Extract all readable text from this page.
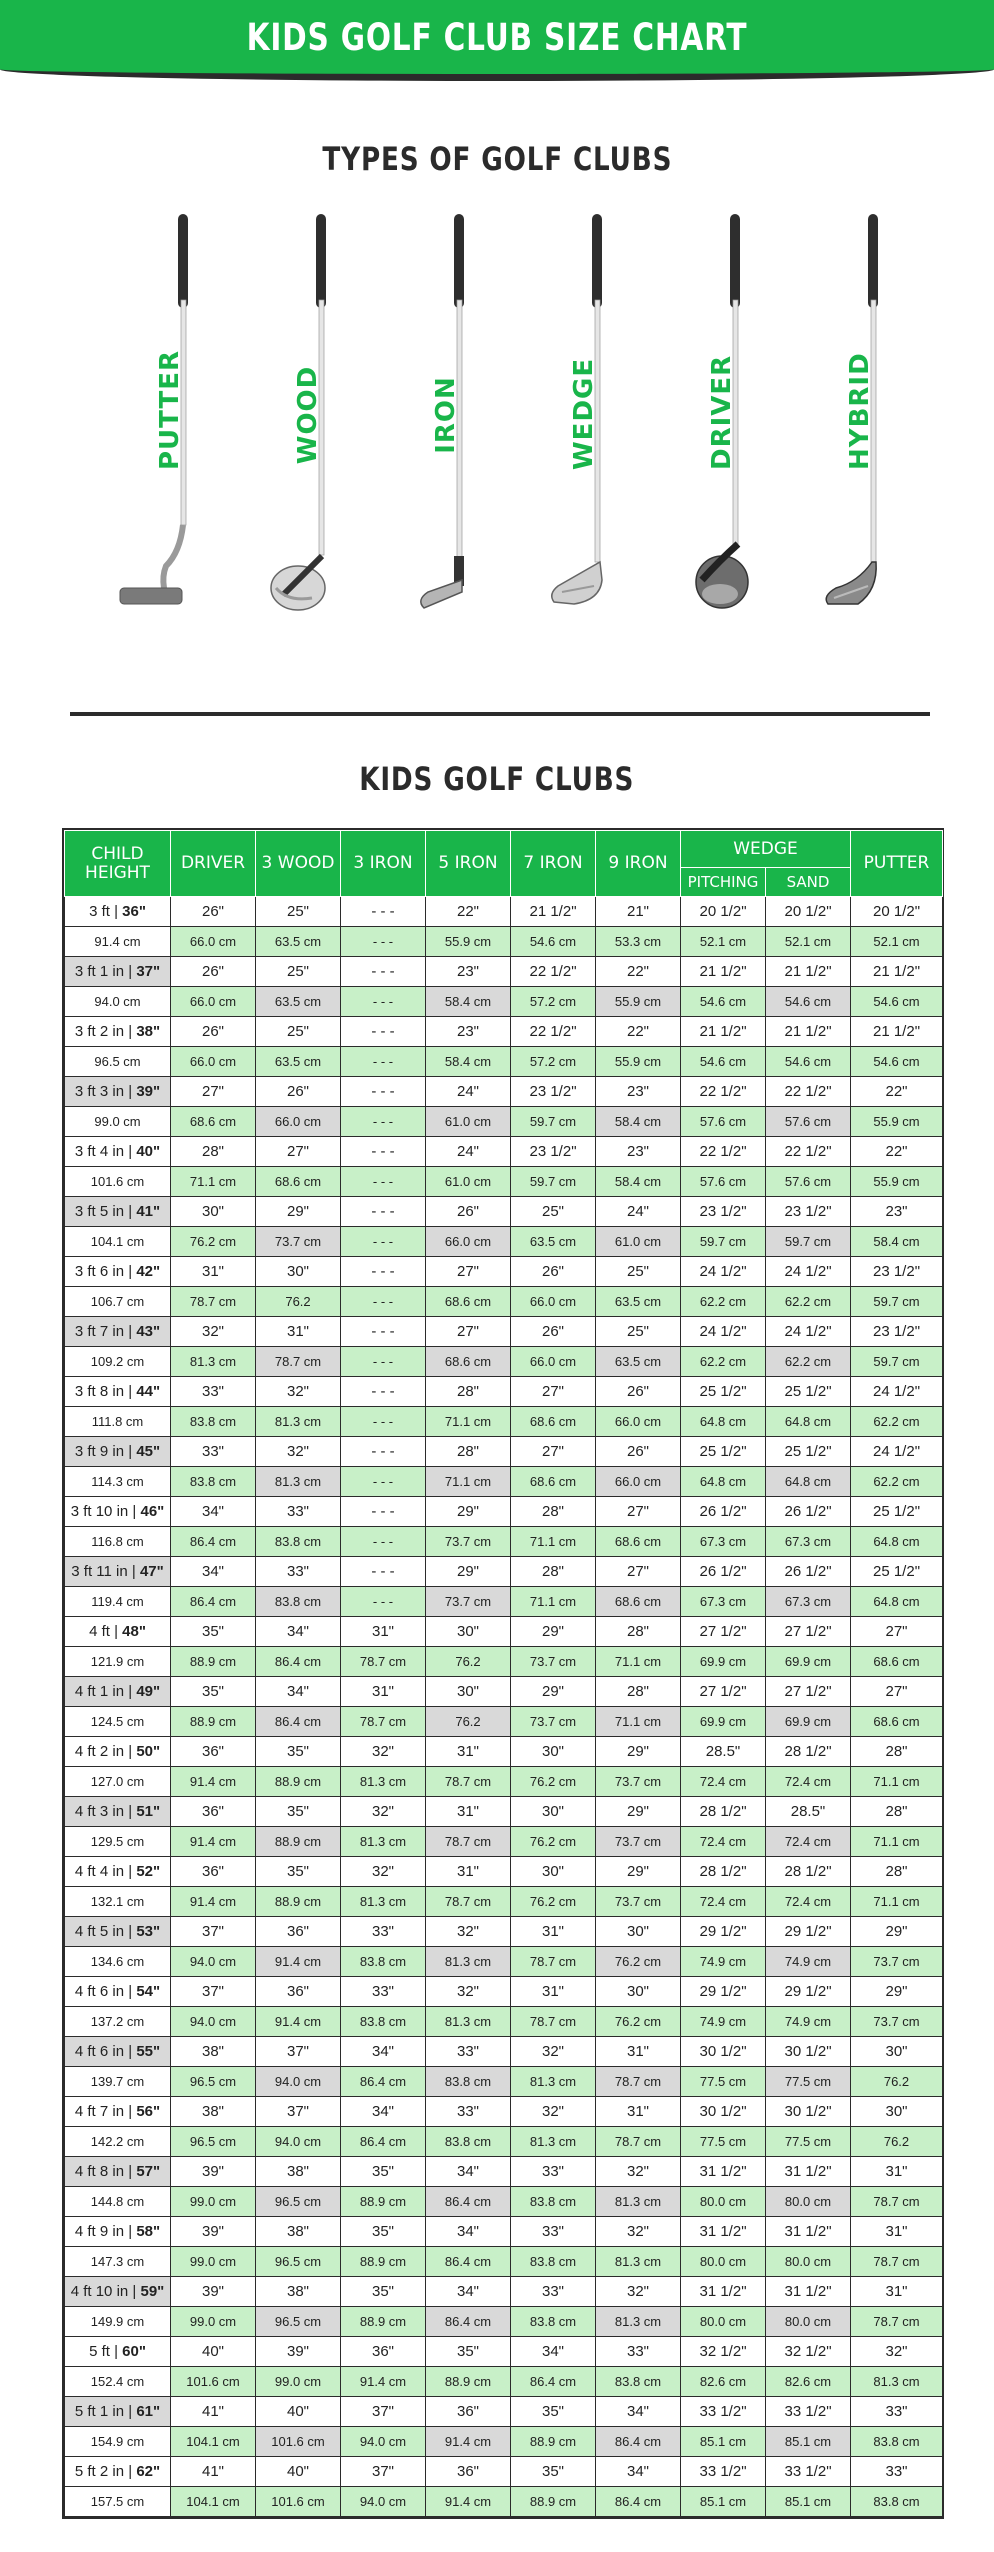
KIDS GOLF CLUB SIZE CHART
TYPES OF GOLF CLUBS
PUTTER	WOOD	IRON	WEDGE	DRIVER	HYBRID
KIDS GOLF CLUBS
CHILD HEIGHT	DRIVER	3 WOOD	3 IRON	5 IRON	7 IRON	9 IRON	WEDGE		PUTTER
							PITCHING	SAND	
3 ft | 36"	26"	25"	- - -	22"	21 1/2"	21"	20 1/2"	20 1/2"	20 1/2"
91.4 cm	66.0 cm	63.5 cm	- - -	55.9 cm	54.6 cm	53.3 cm	52.1 cm	52.1 cm	52.1 cm
3 ft 1 in | 37"	26"	25"	- - -	23"	22 1/2"	22"	21 1/2"	21 1/2"	21 1/2"
94.0 cm	66.0 cm	63.5 cm	- - -	58.4 cm	57.2 cm	55.9 cm	54.6 cm	54.6 cm	54.6 cm
3 ft 2 in | 38"	26"	25"	- - -	23"	22 1/2"	22"	21 1/2"	21 1/2"	21 1/2"
96.5 cm	66.0 cm	63.5 cm	- - -	58.4 cm	57.2 cm	55.9 cm	54.6 cm	54.6 cm	54.6 cm
3 ft 3 in | 39"	27"	26"	- - -	24"	23 1/2"	23"	22 1/2"	22 1/2"	22"
99.0 cm	68.6 cm	66.0 cm	- - -	61.0 cm	59.7 cm	58.4 cm	57.6 cm	57.6 cm	55.9 cm
3 ft 4 in | 40"	28"	27"	- - -	24"	23 1/2"	23"	22 1/2"	22 1/2"	22"
101.6 cm	71.1 cm	68.6 cm	- - -	61.0 cm	59.7 cm	58.4 cm	57.6 cm	57.6 cm	55.9 cm
3 ft 5 in | 41"	30"	29"	- - -	26"	25"	24"	23 1/2"	23 1/2"	23"
104.1 cm	76.2 cm	73.7 cm	- - -	66.0 cm	63.5 cm	61.0 cm	59.7 cm	59.7 cm	58.4 cm
3 ft 6 in | 42"	31"	30"	- - -	27"	26"	25"	24 1/2"	24 1/2"	23 1/2"
106.7 cm	78.7 cm	76.2	- - -	68.6 cm	66.0 cm	63.5 cm	62.2 cm	62.2 cm	59.7 cm
3 ft 7 in | 43"	32"	31"	- - -	27"	26"	25"	24 1/2"	24 1/2"	23 1/2"
109.2 cm	81.3 cm	78.7 cm	- - -	68.6 cm	66.0 cm	63.5 cm	62.2 cm	62.2 cm	59.7 cm
3 ft 8 in | 44"	33"	32"	- - -	28"	27"	26"	25 1/2"	25 1/2"	24 1/2"
111.8 cm	83.8 cm	81.3 cm	- - -	71.1 cm	68.6 cm	66.0 cm	64.8 cm	64.8 cm	62.2 cm
3 ft 9 in | 45"	33"	32"	- - -	28"	27"	26"	25 1/2"	25 1/2"	24 1/2"
114.3 cm	83.8 cm	81.3 cm	- - -	71.1 cm	68.6 cm	66.0 cm	64.8 cm	64.8 cm	62.2 cm
3 ft 10 in | 46"	34"	33"	- - -	29"	28"	27"	26 1/2"	26 1/2"	25 1/2"
116.8 cm	86.4 cm	83.8 cm	- - -	73.7 cm	71.1 cm	68.6 cm	67.3 cm	67.3 cm	64.8 cm
3 ft 11 in | 47"	34"	33"	- - -	29"	28"	27"	26 1/2"	26 1/2"	25 1/2"
119.4 cm	86.4 cm	83.8 cm	- - -	73.7 cm	71.1 cm	68.6 cm	67.3 cm	67.3 cm	64.8 cm
4 ft | 48"	35"	34"	31"	30"	29"	28"	27 1/2"	27 1/2"	27"
121.9 cm	88.9 cm	86.4 cm	78.7 cm	76.2	73.7 cm	71.1 cm	69.9 cm	69.9 cm	68.6 cm
4 ft 1 in | 49"	35"	34"	31"	30"	29"	28"	27 1/2"	27 1/2"	27"
124.5 cm	88.9 cm	86.4 cm	78.7 cm	76.2	73.7 cm	71.1 cm	69.9 cm	69.9 cm	68.6 cm
4 ft 2 in | 50"	36"	35"	32"	31"	30"	29"	28.5"	28 1/2"	28"
127.0 cm	91.4 cm	88.9 cm	81.3 cm	78.7 cm	76.2 cm	73.7 cm	72.4 cm	72.4 cm	71.1 cm
4 ft 3 in | 51"	36"	35"	32"	31"	30"	29"	28 1/2"	28.5"	28"
129.5 cm	91.4 cm	88.9 cm	81.3 cm	78.7 cm	76.2 cm	73.7 cm	72.4 cm	72.4 cm	71.1 cm
4 ft 4 in | 52"	36"	35"	32"	31"	30"	29"	28 1/2"	28 1/2"	28"
132.1 cm	91.4 cm	88.9 cm	81.3 cm	78.7 cm	76.2 cm	73.7 cm	72.4 cm	72.4 cm	71.1 cm
4 ft 5 in | 53"	37"	36"	33"	32"	31"	30"	29 1/2"	29 1/2"	29"
134.6 cm	94.0 cm	91.4 cm	83.8 cm	81.3 cm	78.7 cm	76.2 cm	74.9 cm	74.9 cm	73.7 cm
4 ft 6 in | 54"	37"	36"	33"	32"	31"	30"	29 1/2"	29 1/2"	29"
137.2 cm	94.0 cm	91.4 cm	83.8 cm	81.3 cm	78.7 cm	76.2 cm	74.9 cm	74.9 cm	73.7 cm
4 ft 6 in | 55"	38"	37"	34"	33"	32"	31"	30 1/2"	30 1/2"	30"
139.7 cm	96.5 cm	94.0 cm	86.4 cm	83.8 cm	81.3 cm	78.7 cm	77.5 cm	77.5 cm	76.2
4 ft 7 in | 56"	38"	37"	34"	33"	32"	31"	30 1/2"	30 1/2"	30"
142.2 cm	96.5 cm	94.0 cm	86.4 cm	83.8 cm	81.3 cm	78.7 cm	77.5 cm	77.5 cm	76.2
4 ft 8 in | 57"	39"	38"	35"	34"	33"	32"	31 1/2"	31 1/2"	31"
144.8 cm	99.0 cm	96.5 cm	88.9 cm	86.4 cm	83.8 cm	81.3 cm	80.0 cm	80.0 cm	78.7 cm
4 ft 9 in | 58"	39"	38"	35"	34"	33"	32"	31 1/2"	31 1/2"	31"
147.3 cm	99.0 cm	96.5 cm	88.9 cm	86.4 cm	83.8 cm	81.3 cm	80.0 cm	80.0 cm	78.7 cm
4 ft 10 in | 59"	39"	38"	35"	34"	33"	32"	31 1/2"	31 1/2"	31"
149.9 cm	99.0 cm	96.5 cm	88.9 cm	86.4 cm	83.8 cm	81.3 cm	80.0 cm	80.0 cm	78.7 cm
5 ft | 60"	40"	39"	36"	35"	34"	33"	32 1/2"	32 1/2"	32"
152.4 cm	101.6 cm	99.0 cm	91.4 cm	88.9 cm	86.4 cm	83.8 cm	82.6 cm	82.6 cm	81.3 cm
5 ft 1 in | 61"	41"	40"	37"	36"	35"	34"	33 1/2"	33 1/2"	33"
154.9 cm	104.1 cm	101.6 cm	94.0 cm	91.4 cm	88.9 cm	86.4 cm	85.1 cm	85.1 cm	83.8 cm
5 ft 2 in | 62"	41"	40"	37"	36"	35"	34"	33 1/2"	33 1/2"	33"
157.5 cm	104.1 cm	101.6 cm	94.0 cm	91.4 cm	88.9 cm	86.4 cm	85.1 cm	85.1 cm	83.8 cm
